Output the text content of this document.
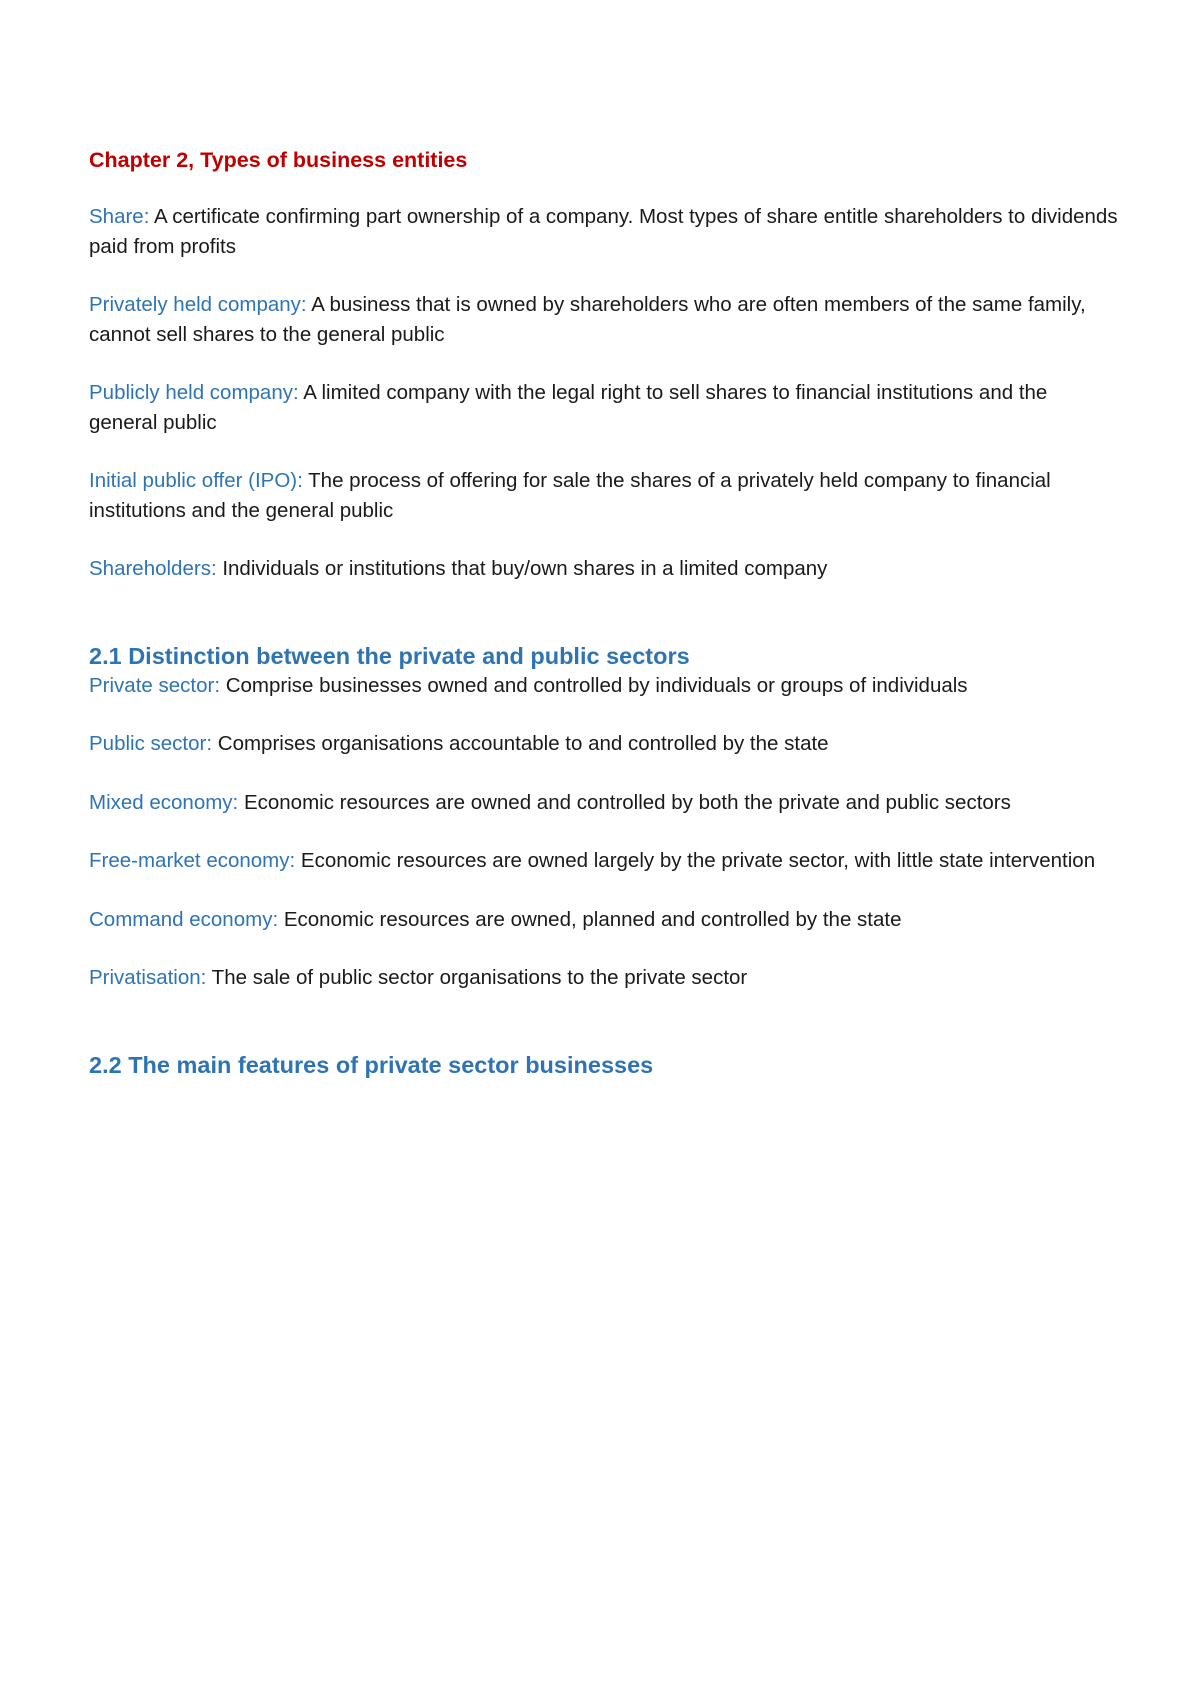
Chapter 2, Types of business entities

Share: A certificate confirming part ownership of a company. Most types of share entitle shareholders to dividends paid from profits

Privately held company: A business that is owned by shareholders who are often members of the same family, cannot sell shares to the general public

Publicly held company: A limited company with the legal right to sell shares to financial institutions and the general public

Initial public offer (IPO): The process of offering for sale the shares of a privately held company to financial institutions and the general public

Shareholders: Individuals or institutions that buy/own shares in a limited company

2.1 Distinction between the private and public sectors

Private sector: Comprise businesses owned and controlled by individuals or groups of individuals

Public sector: Comprises organisations accountable to and controlled by the state

Mixed economy: Economic resources are owned and controlled by both the private and public sectors

Free-market economy: Economic resources are owned largely by the private sector, with little state intervention

Command economy: Economic resources are owned, planned and controlled by the state

Privatisation: The sale of public sector organisations to the private sector

2.2 The main features of private sector businesses
